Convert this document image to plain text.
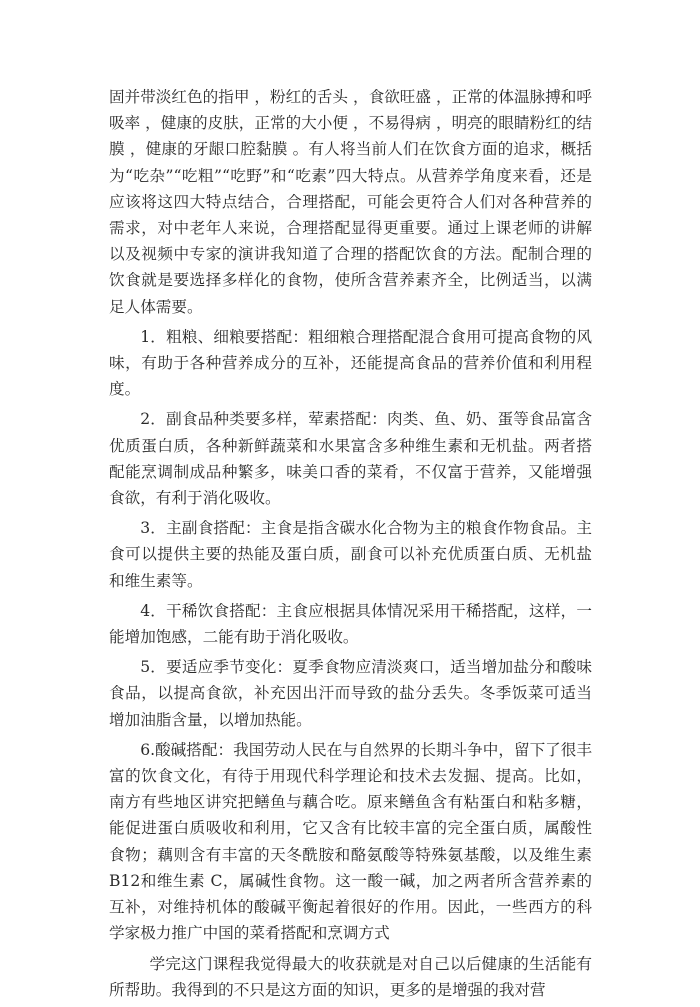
固并带淡红色的指甲 ，粉红的舌头 ，食欲旺盛 ，正常的体温脉搏和呼吸率 ，健康的皮肤，正常的大小便 ，不易得病 ，明亮的眼睛粉红的结膜 ，健康的牙龈口腔黏膜 。有人将当前人们在饮食方面的追求，概括为“吃杂”“吃粗”“吃野”和“吃素”四大特点。从营养学角度来看，还是应该将这四大特点结合，合理搭配，可能会更符合人们对各种营养的需求，对中老年人来说，合理搭配显得更重要。通过上课老师的讲解以及视频中专家的演讲我知道了合理的搭配饮食的方法。配制合理的饮食就是要选择多样化的食物，使所含营养素齐全，比例适当，以满足人体需要。

1．粗粮、细粮要搭配：粗细粮合理搭配混合食用可提高食物的风味，有助于各种营养成分的互补，还能提高食品的营养价值和利用程度。

2．副食品种类要多样，荤素搭配：肉类、鱼、奶、蛋等食品富含优质蛋白质，各种新鲜蔬菜和水果富含多种维生素和无机盐。两者搭配能烹调制成品种繁多，味美口香的菜肴，不仅富于营养，又能增强食欲，有利于消化吸收。

3．主副食搭配：主食是指含碳水化合物为主的粮食作物食品。主食可以提供主要的热能及蛋白质，副食可以补充优质蛋白质、无机盐和维生素等。

4．干稀饮食搭配：主食应根据具体情况采用干稀搭配，这样，一能增加饱感，二能有助于消化吸收。

5．要适应季节变化：夏季食物应清淡爽口，适当增加盐分和酸味食品，以提高食欲，补充因出汗而导致的盐分丢失。冬季饭菜可适当增加油脂含量，以增加热能。

6.酸碱搭配：我国劳动人民在与自然界的长期斗争中，留下了很丰富的饮食文化，有待于用现代科学理论和技术去发掘、提高。比如，南方有些地区讲究把鳝鱼与藕合吃。原来鳝鱼含有粘蛋白和粘多糖，能促进蛋白质吸收和利用，它又含有比较丰富的完全蛋白质，属酸性食物；藕则含有丰富的天冬酰胺和酪氨酸等特殊氨基酸，以及维生素 B12和维生素 C，属碱性食物。这一酸一碱，加之两者所含营养素的互补，对维持机体的酸碱平衡起着很好的作用。因此，一些西方的科学家极力推广中国的菜肴搭配和烹调方式

学完这门课程我觉得最大的收获就是对自己以后健康的生活能有所帮助。我得到的不只是这方面的知识，更多的是增强的我对营
